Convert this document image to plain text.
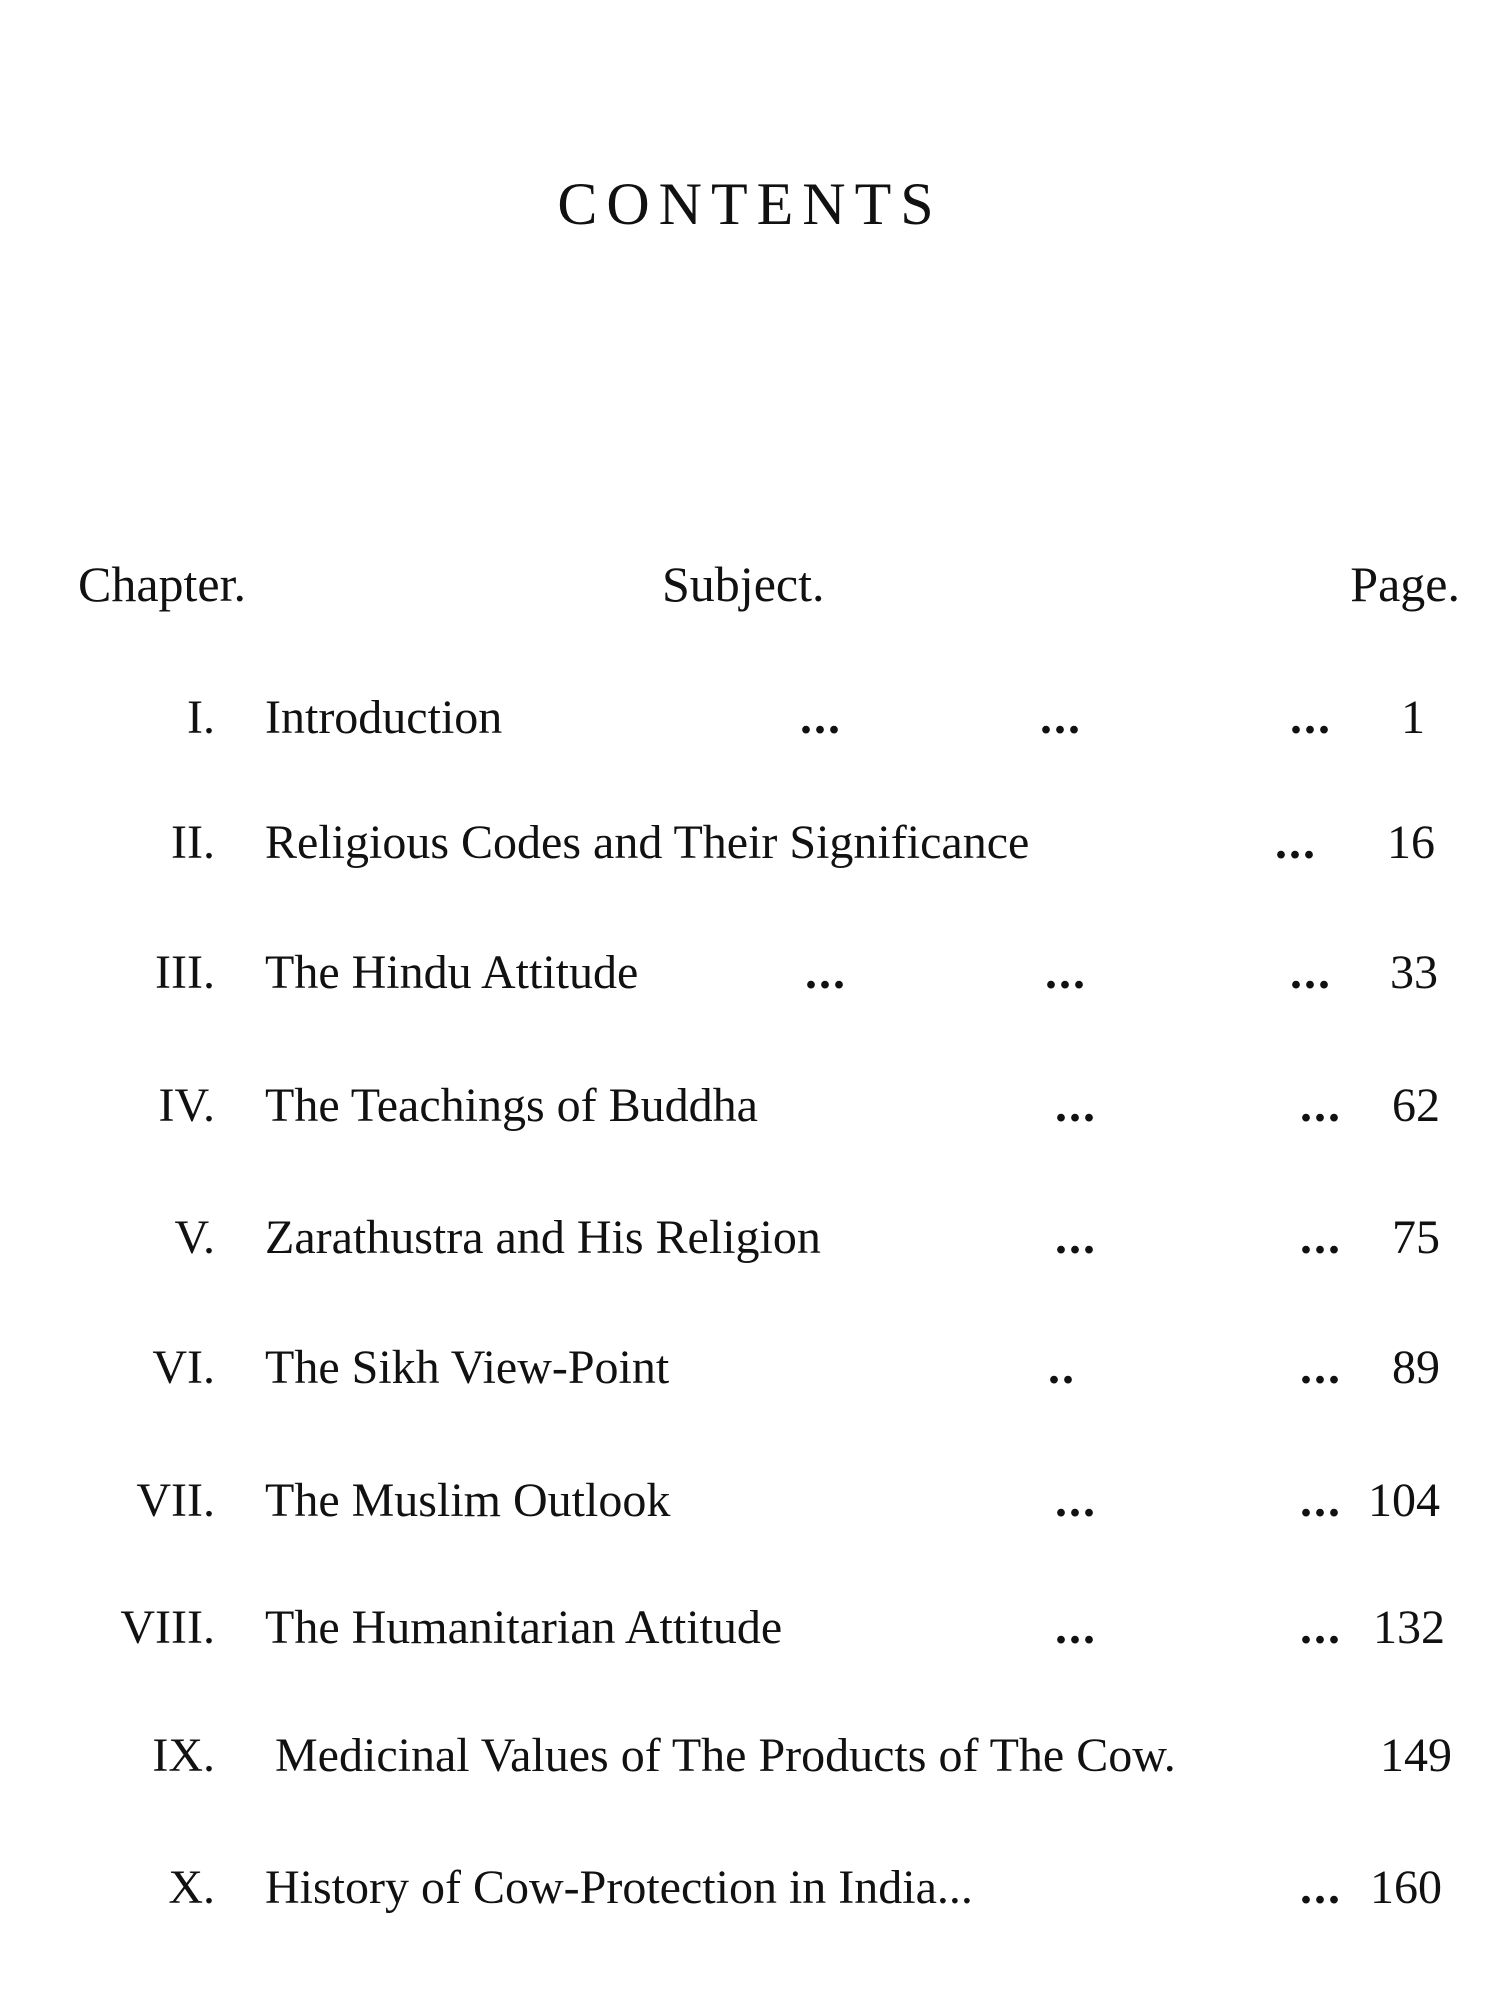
CONTENTS
Chapter.	Subject.	Page.
I. Introduction	...	...	... 1
II. Religious Codes and Their Significance	... 16
III. The Hindu Attitude	...	...	... 33
IV. The Teachings of Buddha	...	... 62
V. Zarathustra and His Religion	...	... 75
VI. The Sikh View-Point	..	... 89
VII. The Muslim Outlook	...	... 104
VIII. The Humanitarian Attitude	...	... 132
IX. Medicinal Values of The Products of The Cow.	149
X. History of Cow-Protection in India...	... 160
